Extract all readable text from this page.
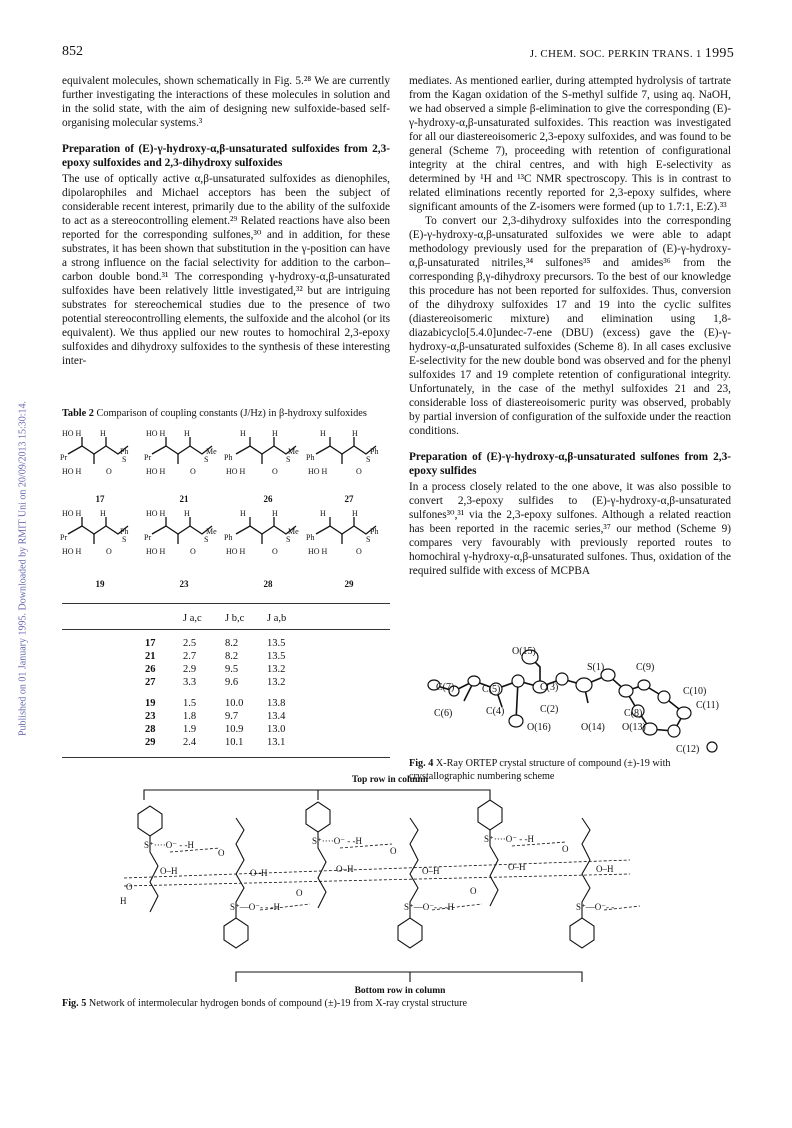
852	J. CHEM. SOC. PERKIN TRANS. 1 1995
Published on 01 January 1995. Downloaded by RMIT Uni on 20/09/2013 15:30:14.

equivalent molecules, shown schematically in Fig. 5.²⁸ We are currently further investigating the interactions of these molecules in solution and in the solid state, with the aim of designing new sulfoxide-based self-organising molecular systems.³

Preparation of (E)-γ-hydroxy-α,β-unsaturated sulfoxides from 2,3-epoxy sulfoxides and 2,3-dihydroxy sulfoxides

The use of optically active α,β-unsaturated sulfoxides as dienophiles, dipolarophiles and Michael acceptors has been the subject of considerable recent interest, primarily due to the ability of the sulfoxide to act as a stereocontrolling element.²⁹ Related reactions have also been reported for the corresponding sulfones,³⁰ and in addition, for these substrates, it has been shown that substitution in the γ-position can have a strong influence on the facial selectivity for addition to the carbon–carbon double bond.³¹ The corresponding γ-hydroxy-α,β-unsaturated sulfoxides have been relatively little investigated,³² but are intriguing substrates for stereochemical studies due to the presence of two potential stereocontrolling elements, the sulfoxide and the alcohol (or its equivalent). We thus applied our new routes to homochiral 2,3-epoxy sulfoxides and dihydroxy sulfoxides to the synthesis of these interesting inter-

mediates. As mentioned earlier, during attempted hydrolysis of tartrate from the Kagan oxidation of the S-methyl sulfide 7, using aq. NaOH, we had observed a simple β-elimination to give the corresponding (E)-γ-hydroxy-α,β-unsaturated sulfoxides. This reaction was investigated for all our diastereoisomeric 2,3-epoxy sulfoxides, and was found to be general (Scheme 7), proceeding with retention of configurational integrity at the chiral centres, and with high E-selectivity as determined by ¹H and ¹³C NMR spectroscopy. This is in contrast to related eliminations recently reported for 2,3-epoxy sulfides, where significant amounts of the Z-isomers were formed (up to 1.7:1, E:Z).³³

To convert our 2,3-dihydroxy sulfoxides into the corresponding (E)-γ-hydroxy-α,β-unsaturated sulfoxides we were able to adapt methodology previously used for the preparation of (E)-γ-hydroxy-α,β-unsaturated nitriles,³⁴ sulfones³⁵ and amides³⁶ from the corresponding β,γ-dihydroxy precursors. To the best of our knowledge this procedure has not been reported for sulfoxides. Thus, conversion of the dihydroxy sulfoxides 17 and 19 into the cyclic sulfites (diastereoisomeric mixture) and elimination using 1,8-diazabicyclo[5.4.0]undec-7-ene (DBU) (excess) gave the (E)-γ-hydroxy-α,β-unsaturated sulfoxides (Scheme 8). In all cases exclusive E-selectivity for the new double bond was observed and for the phenyl sulfoxides 17 and 19 complete retention of configurational integrity. Unfortunately, in the case of the methyl sulfoxides 21 and 23, considerable loss of diastereoisomeric purity was observed, probably by partial inversion of configuration of the sulfoxide under the reaction conditions.

Preparation of (E)-γ-hydroxy-α,β-unsaturated sulfones from 2,3-epoxy sulfides

In a process closely related to the one above, it was also possible to convert 2,3-epoxy sulfides to (E)-γ-hydroxy-α,β-unsaturated sulfones³⁰,³¹ via the 2,3-epoxy sulfones. Although a related reaction has been reported in the racemic series,³⁷ our method (Scheme 9) compares very favourably with previously reported routes to homochiral γ-hydroxy-α,β-unsaturated sulfones. Thus, oxidation of the required sulfide with excess of MCPBA

Table 2 Comparison of coupling constants (J/Hz) in β-hydroxy sulfoxides
HO H H	HO H H	H	H	H	H
Pr	Pr	Ph	Ph
Ph
S
Me
S
Me
S
Ph
S
HO H	O	HO H	O	HO H	O	HO H	O
HO H H	HO H H	H	H	H	H
Pr	Pr	Ph	Ph
Ph
S
Me
S
Me
S
Ph
S
HO H	O	HO H	O	HO H	O	HO H	O
17	21	26	27
19	23	28	29
	J a,c	J b,c	J a,b
17	2.5	8.2	13.5
21	2.7	8.2	13.5
26	2.9	9.5	13.2
27	3.3	9.6	13.2
19	1.5	10.0	13.8
23	1.8	9.7	13.4
28	1.9	10.9	13.0
29	2.4	10.1	13.1
.
O(15)
S(1)	C(9)
C(7)	C(5)	C(3)	C(10)
C(11)
C(6)	C(4)	C(2)	C(8)
O(16)	O(14) O(13)
C(12)
Fig. 4 X-Ray ORTEP crystal structure of compound (±)-19 with crystallographic numbering scheme
Top row in column
S⁺····O⁻ - -H	S⁺····O⁻ - -H	S⁺····O⁻ - -H
O–H	O–H	O–H	O–H	O–H	O–H
O
H
S⁺—O⁻- - -H	S⁺—O⁻- - -H	S⁺—O⁻- -
O	O	O
O	O
Bottom row in column
Fig. 5 Network of intermolecular hydrogen bonds of compound (±)-19 from X-ray crystal structure
